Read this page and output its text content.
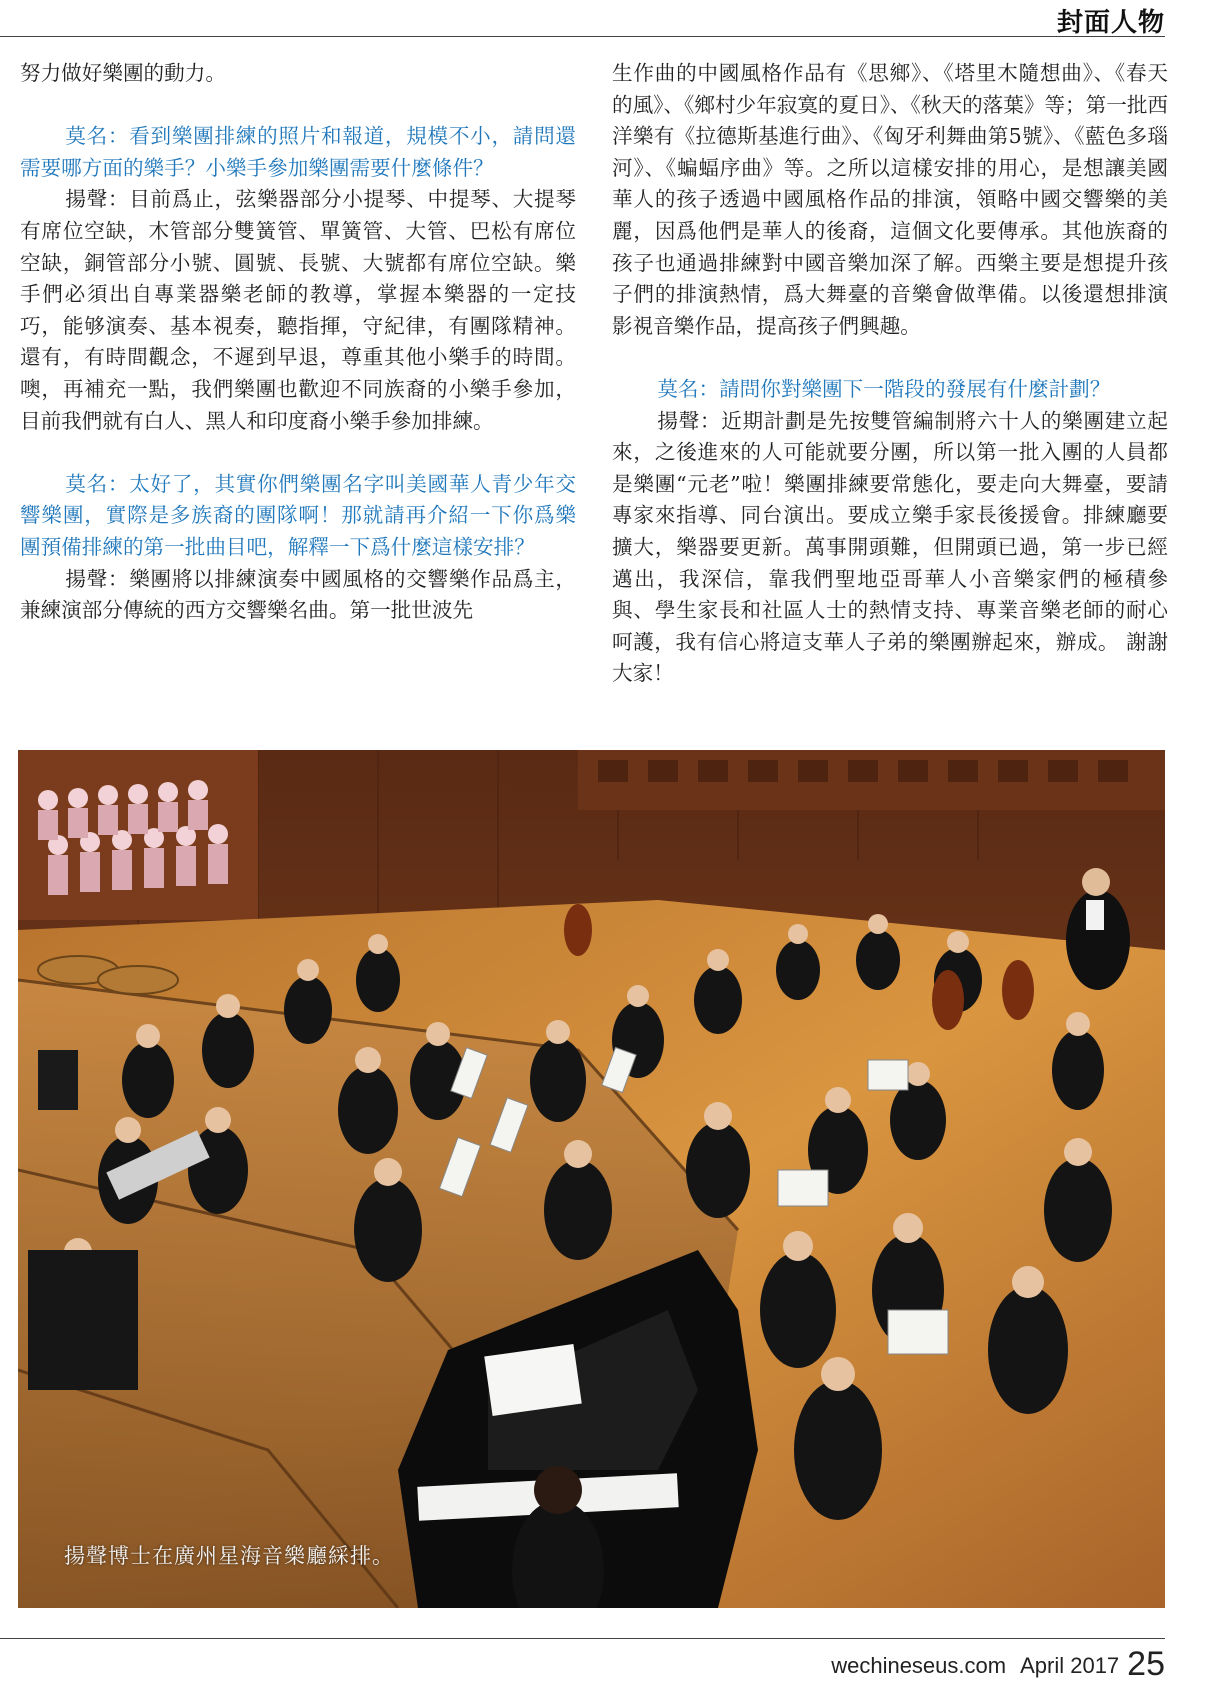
封面人物

努力做好樂團的動力。

莫名：看到樂團排練的照片和報道，規模不小，請問還需要哪方面的樂手？小樂手參加樂團需要什麼條件？

揚聲：目前爲止，弦樂器部分小提琴、中提琴、大提琴有席位空缺，木管部分雙簧管、單簧管、大管、巴松有席位空缺，銅管部分小號、圓號、長號、大號都有席位空缺。樂手們必須出自專業器樂老師的教導，掌握本樂器的一定技巧，能够演奏、基本視奏，聽指揮，守紀律，有團隊精神。還有，有時間觀念，不遲到早退，尊重其他小樂手的時間。噢，再補充一點，我們樂團也歡迎不同族裔的小樂手參加，目前我們就有白人、黑人和印度裔小樂手參加排練。

莫名：太好了，其實你們樂團名字叫美國華人青少年交響樂團，實際是多族裔的團隊啊！那就請再介紹一下你爲樂團預備排練的第一批曲目吧，解釋一下爲什麼這樣安排？

揚聲：樂團將以排練演奏中國風格的交響樂作品爲主，兼練演部分傳統的西方交響樂名曲。第一批世波先

生作曲的中國風格作品有《思鄉》、《塔里木隨想曲》、《春天的風》、《鄉村少年寂寞的夏日》、《秋天的落葉》等；第一批西洋樂有《拉德斯基進行曲》、《匈牙利舞曲第5號》、《藍色多瑙河》、《蝙蝠序曲》等。之所以這樣安排的用心，是想讓美國華人的孩子透過中國風格作品的排演，領略中國交響樂的美麗，因爲他們是華人的後裔，這個文化要傳承。其他族裔的孩子也通過排練對中國音樂加深了解。西樂主要是想提升孩子們的排演熱情，爲大舞臺的音樂會做準備。以後還想排演影視音樂作品，提高孩子們興趣。

莫名：請問你對樂團下一階段的發展有什麼計劃？

揚聲：近期計劃是先按雙管編制將六十人的樂團建立起來，之後進來的人可能就要分團，所以第一批入團的人員都是樂團“元老”啦！樂團排練要常態化，要走向大舞臺，要請專家來指導、同台演出。要成立樂手家長後援會。排練廳要擴大，樂器要更新。萬事開頭難，但開頭已過，第一步已經邁出，我深信，靠我們聖地亞哥華人小音樂家們的極積參與、學生家長和社區人士的熱情支持、專業音樂老師的耐心呵護，我有信心將這支華人子弟的樂團辦起來，辦成。 謝謝大家！

揚聲博士在廣州星海音樂廳綵排。
wechineseus.com April 2017 25
